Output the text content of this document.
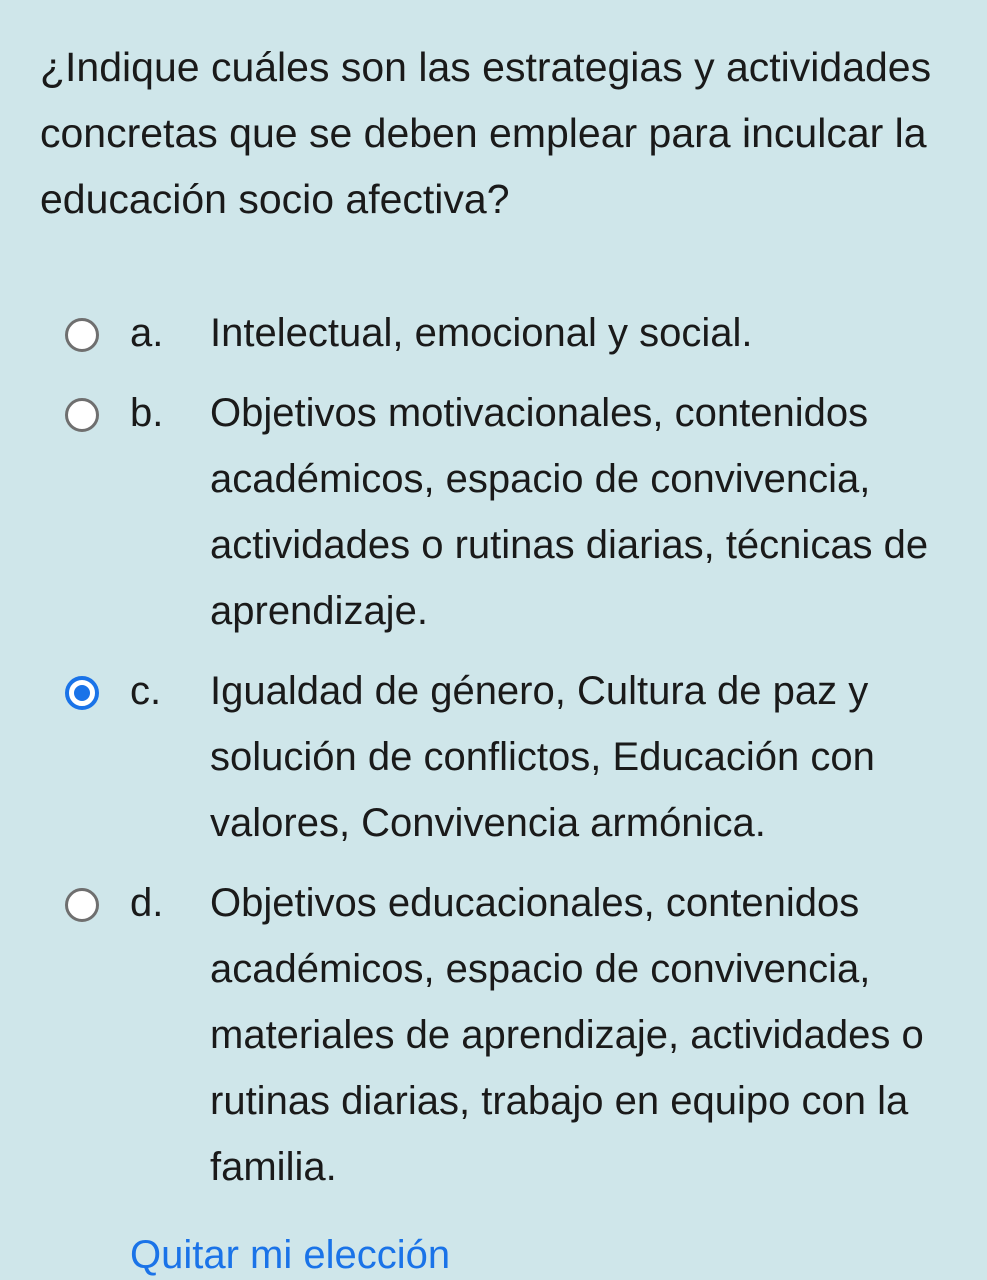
¿Indique cuáles son las estrategias y actividades concretas que se deben emplear para inculcar la educación socio afectiva?
a. Intelectual, emocional y social.
b. Objetivos motivacionales, contenidos académicos, espacio de convivencia, actividades o rutinas diarias, técnicas de aprendizaje.
c. Igualdad de género, Cultura de paz y solución de conflictos, Educación con valores, Convivencia armónica.
d. Objetivos educacionales, contenidos académicos, espacio de convivencia, materiales de aprendizaje, actividades o rutinas diarias, trabajo en equipo con la familia.
Quitar mi elección
